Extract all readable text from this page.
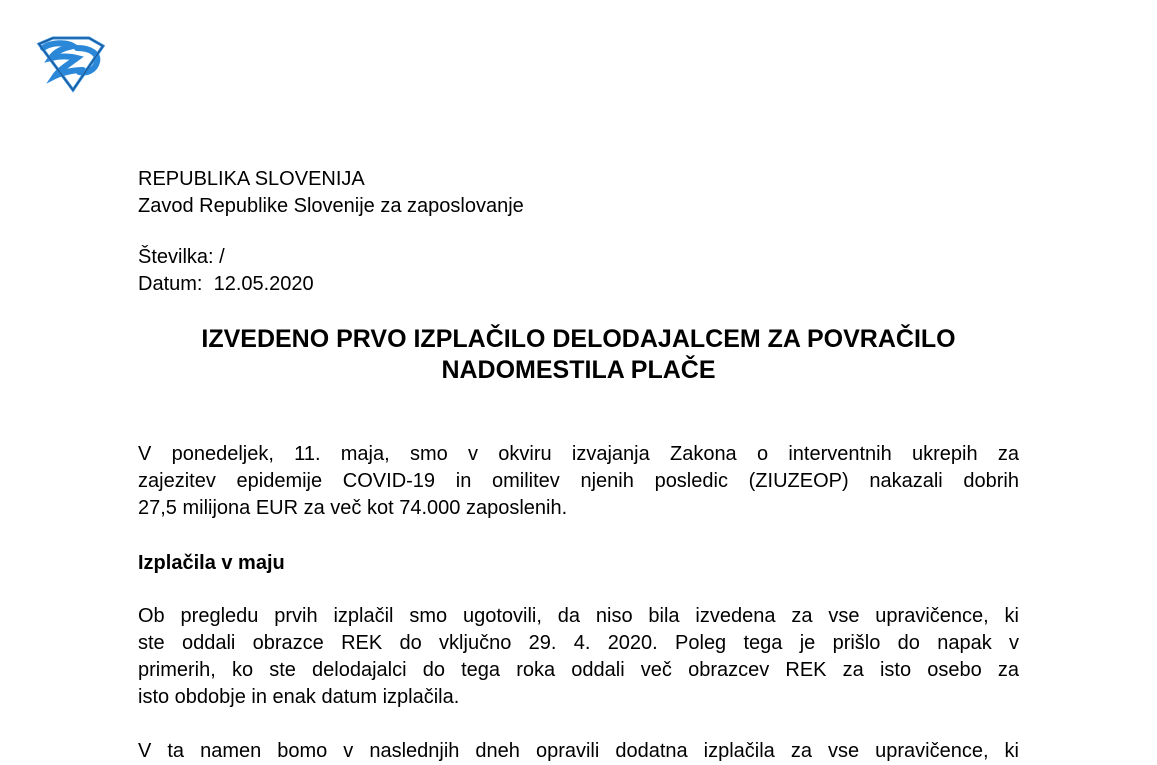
REPUBLIKA SLOVENIJA
Zavod Republike Slovenije za zaposlovanje
Številka: /
Datum:  12.05.2020
IZVEDENO PRVO IZPLAČILO DELODAJALCEM ZA POVRAČILO
NADOMESTILA PLAČE
V ponedeljek, 11. maja, smo v okviru izvajanja Zakona o interventnih ukrepih za
zajezitev epidemije COVID-19 in omilitev njenih posledic (ZIUZEOP) nakazali dobrih
27,5 milijona EUR za več kot 74.000 zaposlenih.
Izplačila v maju
Ob pregledu prvih izplačil smo ugotovili, da niso bila izvedena za vse upravičence, ki
ste oddali obrazce REK do vključno 29. 4. 2020. Poleg tega je prišlo do napak v
primerih, ko ste delodajalci do tega roka oddali več obrazcev REK za isto osebo za
isto obdobje in enak datum izplačila.
V ta namen bomo v naslednjih dneh opravili dodatna izplačila za vse upravičence, ki
